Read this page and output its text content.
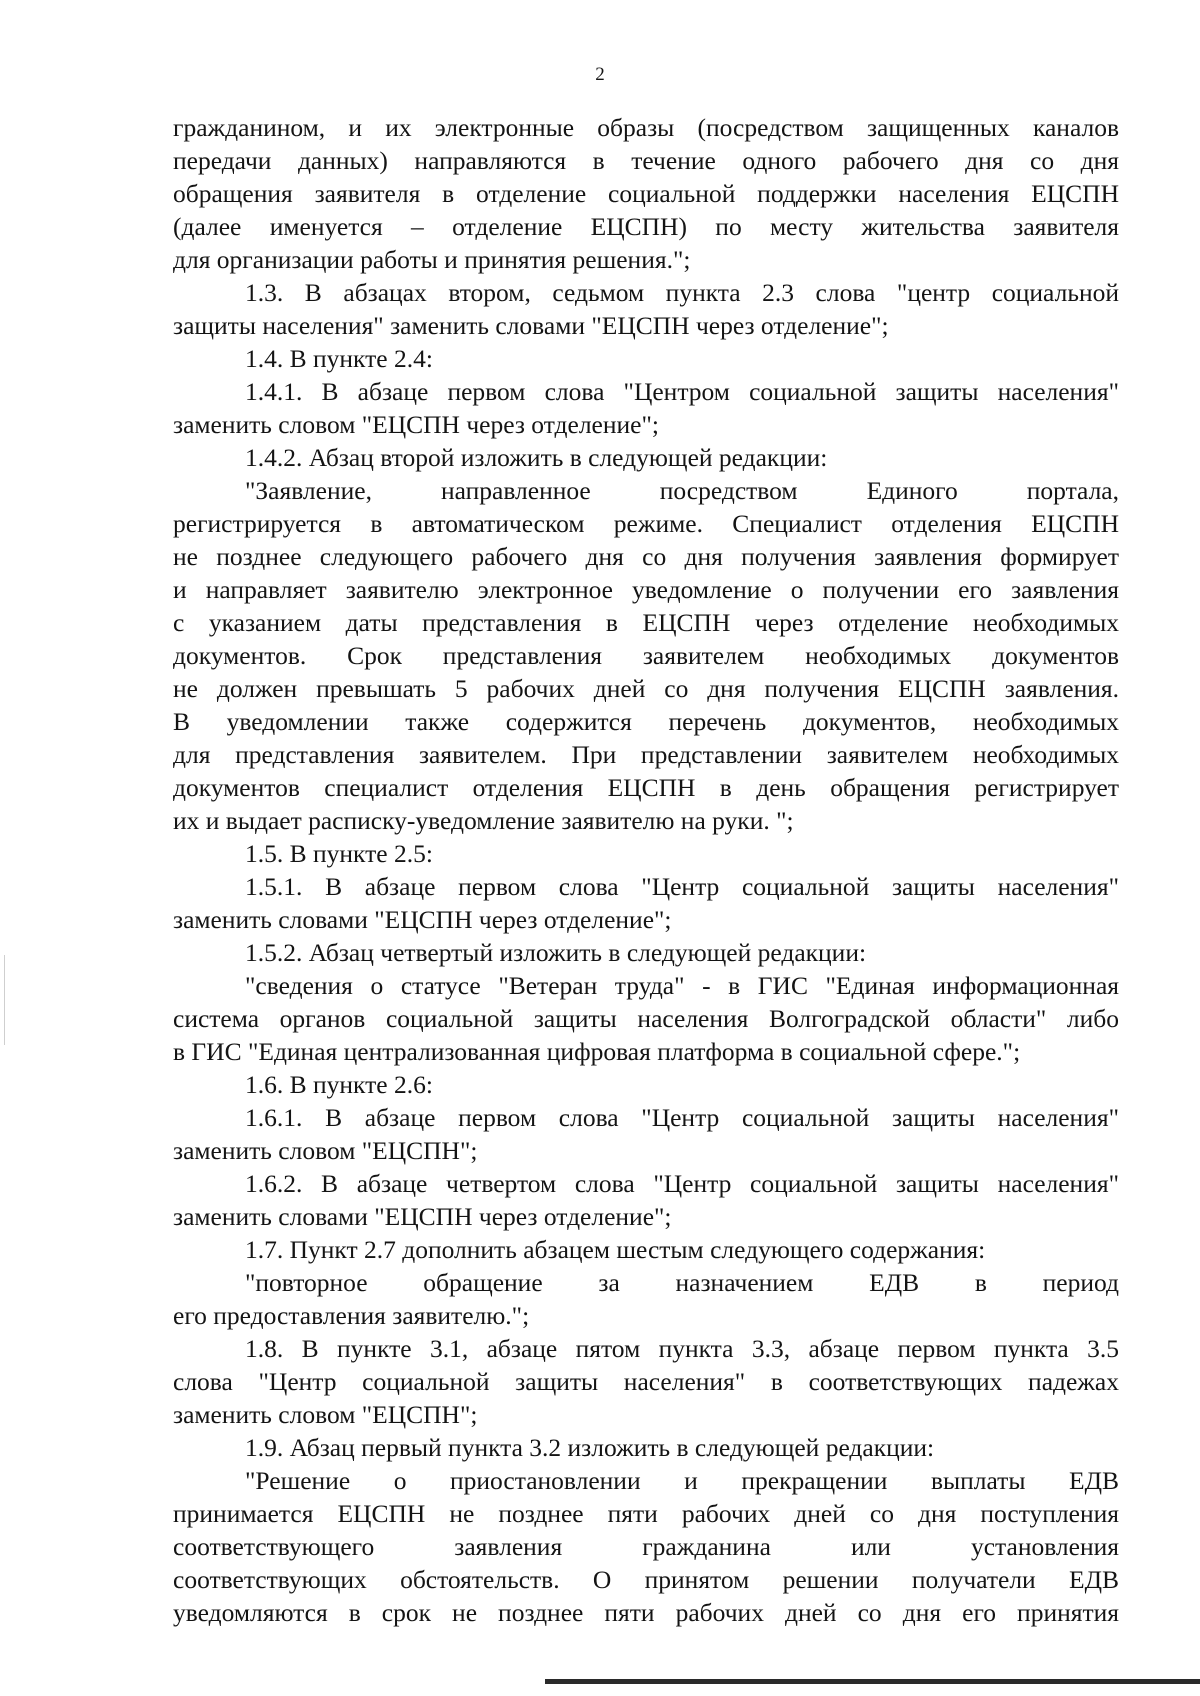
2
гражданином, и их электронные образы (посредством защищенных каналов
передачи данных) направляются в течение одного рабочего дня со дня
обращения заявителя в отделение социальной поддержки населения ЕЦСПН
(далее именуется – отделение ЕЦСПН) по месту жительства заявителя
для организации работы и принятия решения.";
1.3. В абзацах втором, седьмом пункта 2.3 слова "центр социальной
защиты населения" заменить словами "ЕЦСПН через отделение";
1.4. В пункте 2.4:
1.4.1. В абзаце первом слова "Центром социальной защиты населения"
заменить словом "ЕЦСПН через отделение";
1.4.2. Абзац второй изложить в следующей редакции:
"Заявление, направленное посредством Единого портала,
регистрируется в автоматическом режиме. Специалист отделения ЕЦСПН
не позднее следующего рабочего дня со дня получения заявления формирует
и направляет заявителю электронное уведомление о получении его заявления
с указанием даты представления в ЕЦСПН через отделение необходимых
документов. Срок представления заявителем необходимых документов
не должен превышать 5 рабочих дней со дня получения ЕЦСПН заявления.
В уведомлении также содержится перечень документов, необходимых
для представления заявителем. При представлении заявителем необходимых
документов специалист отделения ЕЦСПН в день обращения регистрирует
их и выдает расписку-уведомление заявителю на руки. ";
1.5. В пункте 2.5:
1.5.1. В абзаце первом слова "Центр социальной защиты населения"
заменить словами "ЕЦСПН через отделение";
1.5.2. Абзац четвертый изложить в следующей редакции:
"сведения о статусе "Ветеран труда" - в ГИС "Единая информационная
система органов социальной защиты населения Волгоградской области" либо
в ГИС "Единая централизованная цифровая платформа в социальной сфере.";
1.6. В пункте 2.6:
1.6.1. В абзаце первом слова "Центр социальной защиты населения"
заменить словом "ЕЦСПН";
1.6.2. В абзаце четвертом слова "Центр социальной защиты населения"
заменить словами "ЕЦСПН через отделение";
1.7. Пункт 2.7 дополнить абзацем шестым следующего содержания:
"повторное обращение за назначением ЕДВ в период
его предоставления заявителю.";
1.8. В пункте 3.1, абзаце пятом пункта 3.3, абзаце первом пункта 3.5
слова "Центр социальной защиты населения" в соответствующих падежах
заменить словом "ЕЦСПН";
1.9. Абзац первый пункта 3.2 изложить в следующей редакции:
"Решение о приостановлении и прекращении выплаты ЕДВ
принимается ЕЦСПН не позднее пяти рабочих дней со дня поступления
соответствующего заявления гражданина или установления
соответствующих обстоятельств. О принятом решении получатели ЕДВ
уведомляются в срок не позднее пяти рабочих дней со дня его принятия
